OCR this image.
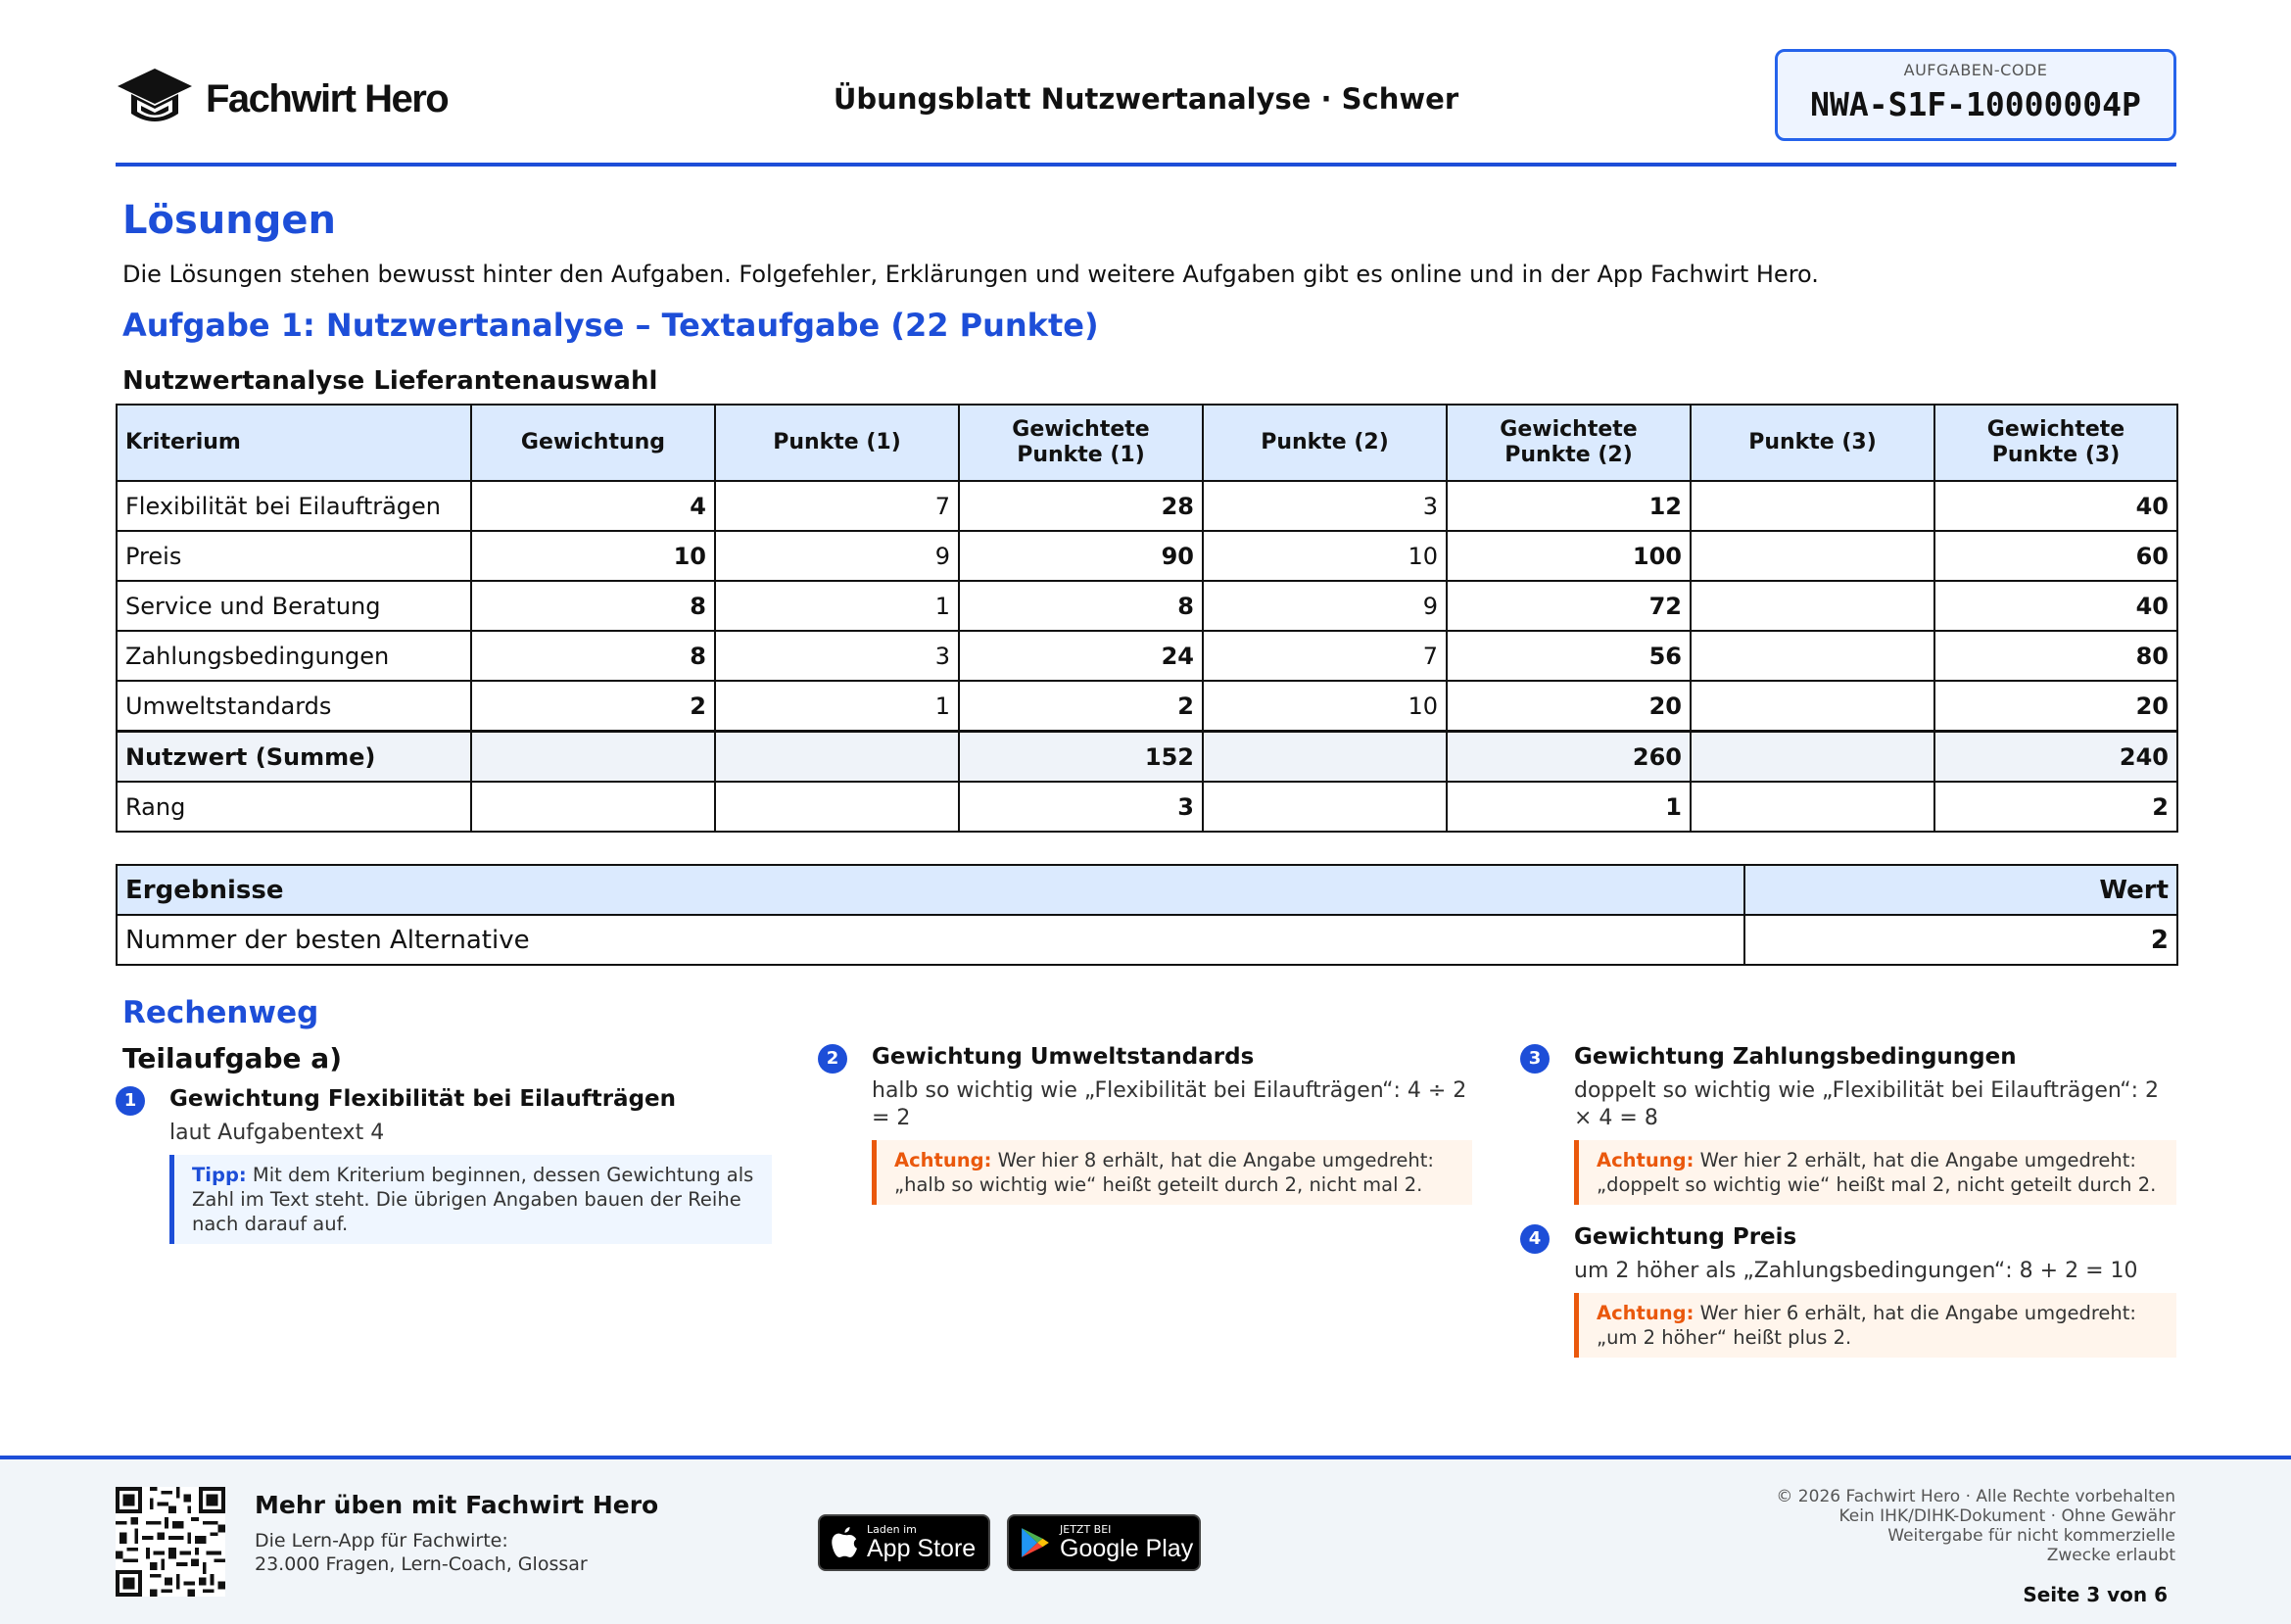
Fachwirt Hero	Übungsblatt Nutzwertanalyse · Schwer
AUFGABEN-CODE
NWA-S1F-10000004P
Lösungen
Die Lösungen stehen bewusst hinter den Aufgaben. Folgefehler, Erklärungen und weitere Aufgaben gibt es online und in der App Fachwirt Hero.
Aufgabe 1: Nutzwertanalyse – Textaufgabe (22 Punkte)
Nutzwertanalyse Lieferantenauswahl
Kriterium	Gewichtung	Punkte (1)	Gewichtete Punkte (1)	Punkte (2)	Gewichtete Punkte (2)	Punkte (3)	Gewichtete Punkte (3)
Flexibilität bei Eilaufträgen	4	7	28	3	12		40
Preis	10	9	90	10	100		60
Service und Beratung	8	1	8	9	72		40
Zahlungsbedingungen	8	3	24	7	56		80
Umweltstandards	2	1	2	10	20		20
Nutzwert (Summe)			152		260		240
Rang			3		1		2
Ergebnisse	Wert
Nummer der besten Alternative	2
Rechenweg
Teilaufgabe a)
1	Gewichtung Flexibilität bei Eilaufträgen
laut Aufgabentext 4
Tipp: Mit dem Kriterium beginnen, dessen Gewichtung als Zahl im Text steht. Die übrigen Angaben bauen der Reihe nach darauf auf.
2	Gewichtung Umweltstandards
halb so wichtig wie „Flexibilität bei Eilaufträgen“: 4 ÷ 2 = 2
Achtung: Wer hier 8 erhält, hat die Angabe umgedreht: „halb so wichtig wie“ heißt geteilt durch 2, nicht mal 2.
3	Gewichtung Zahlungsbedingungen
doppelt so wichtig wie „Flexibilität bei Eilaufträgen“: 2 × 4 = 8
Achtung: Wer hier 2 erhält, hat die Angabe umgedreht: „doppelt so wichtig wie“ heißt mal 2, nicht geteilt durch 2.
4	Gewichtung Preis
um 2 höher als „Zahlungsbedingungen“: 8 + 2 = 10
Achtung: Wer hier 6 erhält, hat die Angabe umgedreht: „um 2 höher“ heißt plus 2.
Mehr üben mit Fachwirt Hero
Die Lern-App für Fachwirte:
23.000 Fragen, Lern-Coach, Glossar
Laden im
App Store
JETZT BEI
Google Play
© 2026 Fachwirt Hero · Alle Rechte vorbehalten
Kein IHK/DIHK-Dokument · Ohne Gewähr
Weitergabe für nicht kommerzielle
Zwecke erlaubt
Seite 3 von 6
